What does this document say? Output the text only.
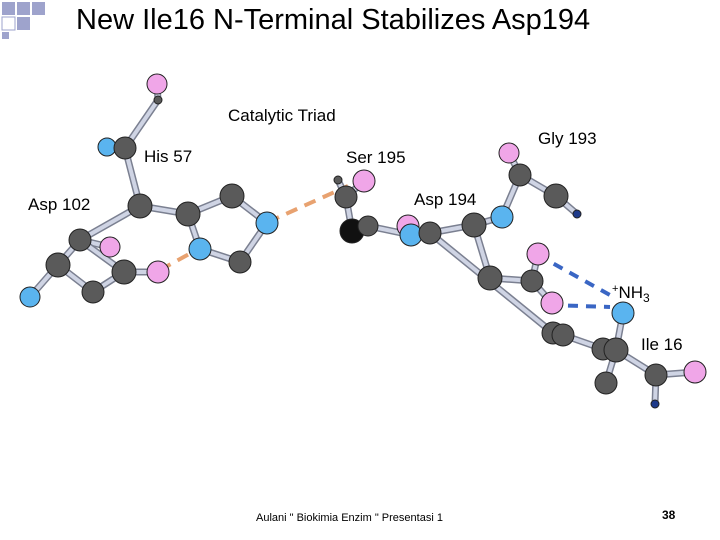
New Ile16 N-Terminal Stabilizes Asp194
Catalytic Triad
His 57	Ser 195
Asp 102
Gly 193
Asp 194
$^+NH_3$
Ile 16
Aulani " Biokimia Enzim " Presentasi 1	38
